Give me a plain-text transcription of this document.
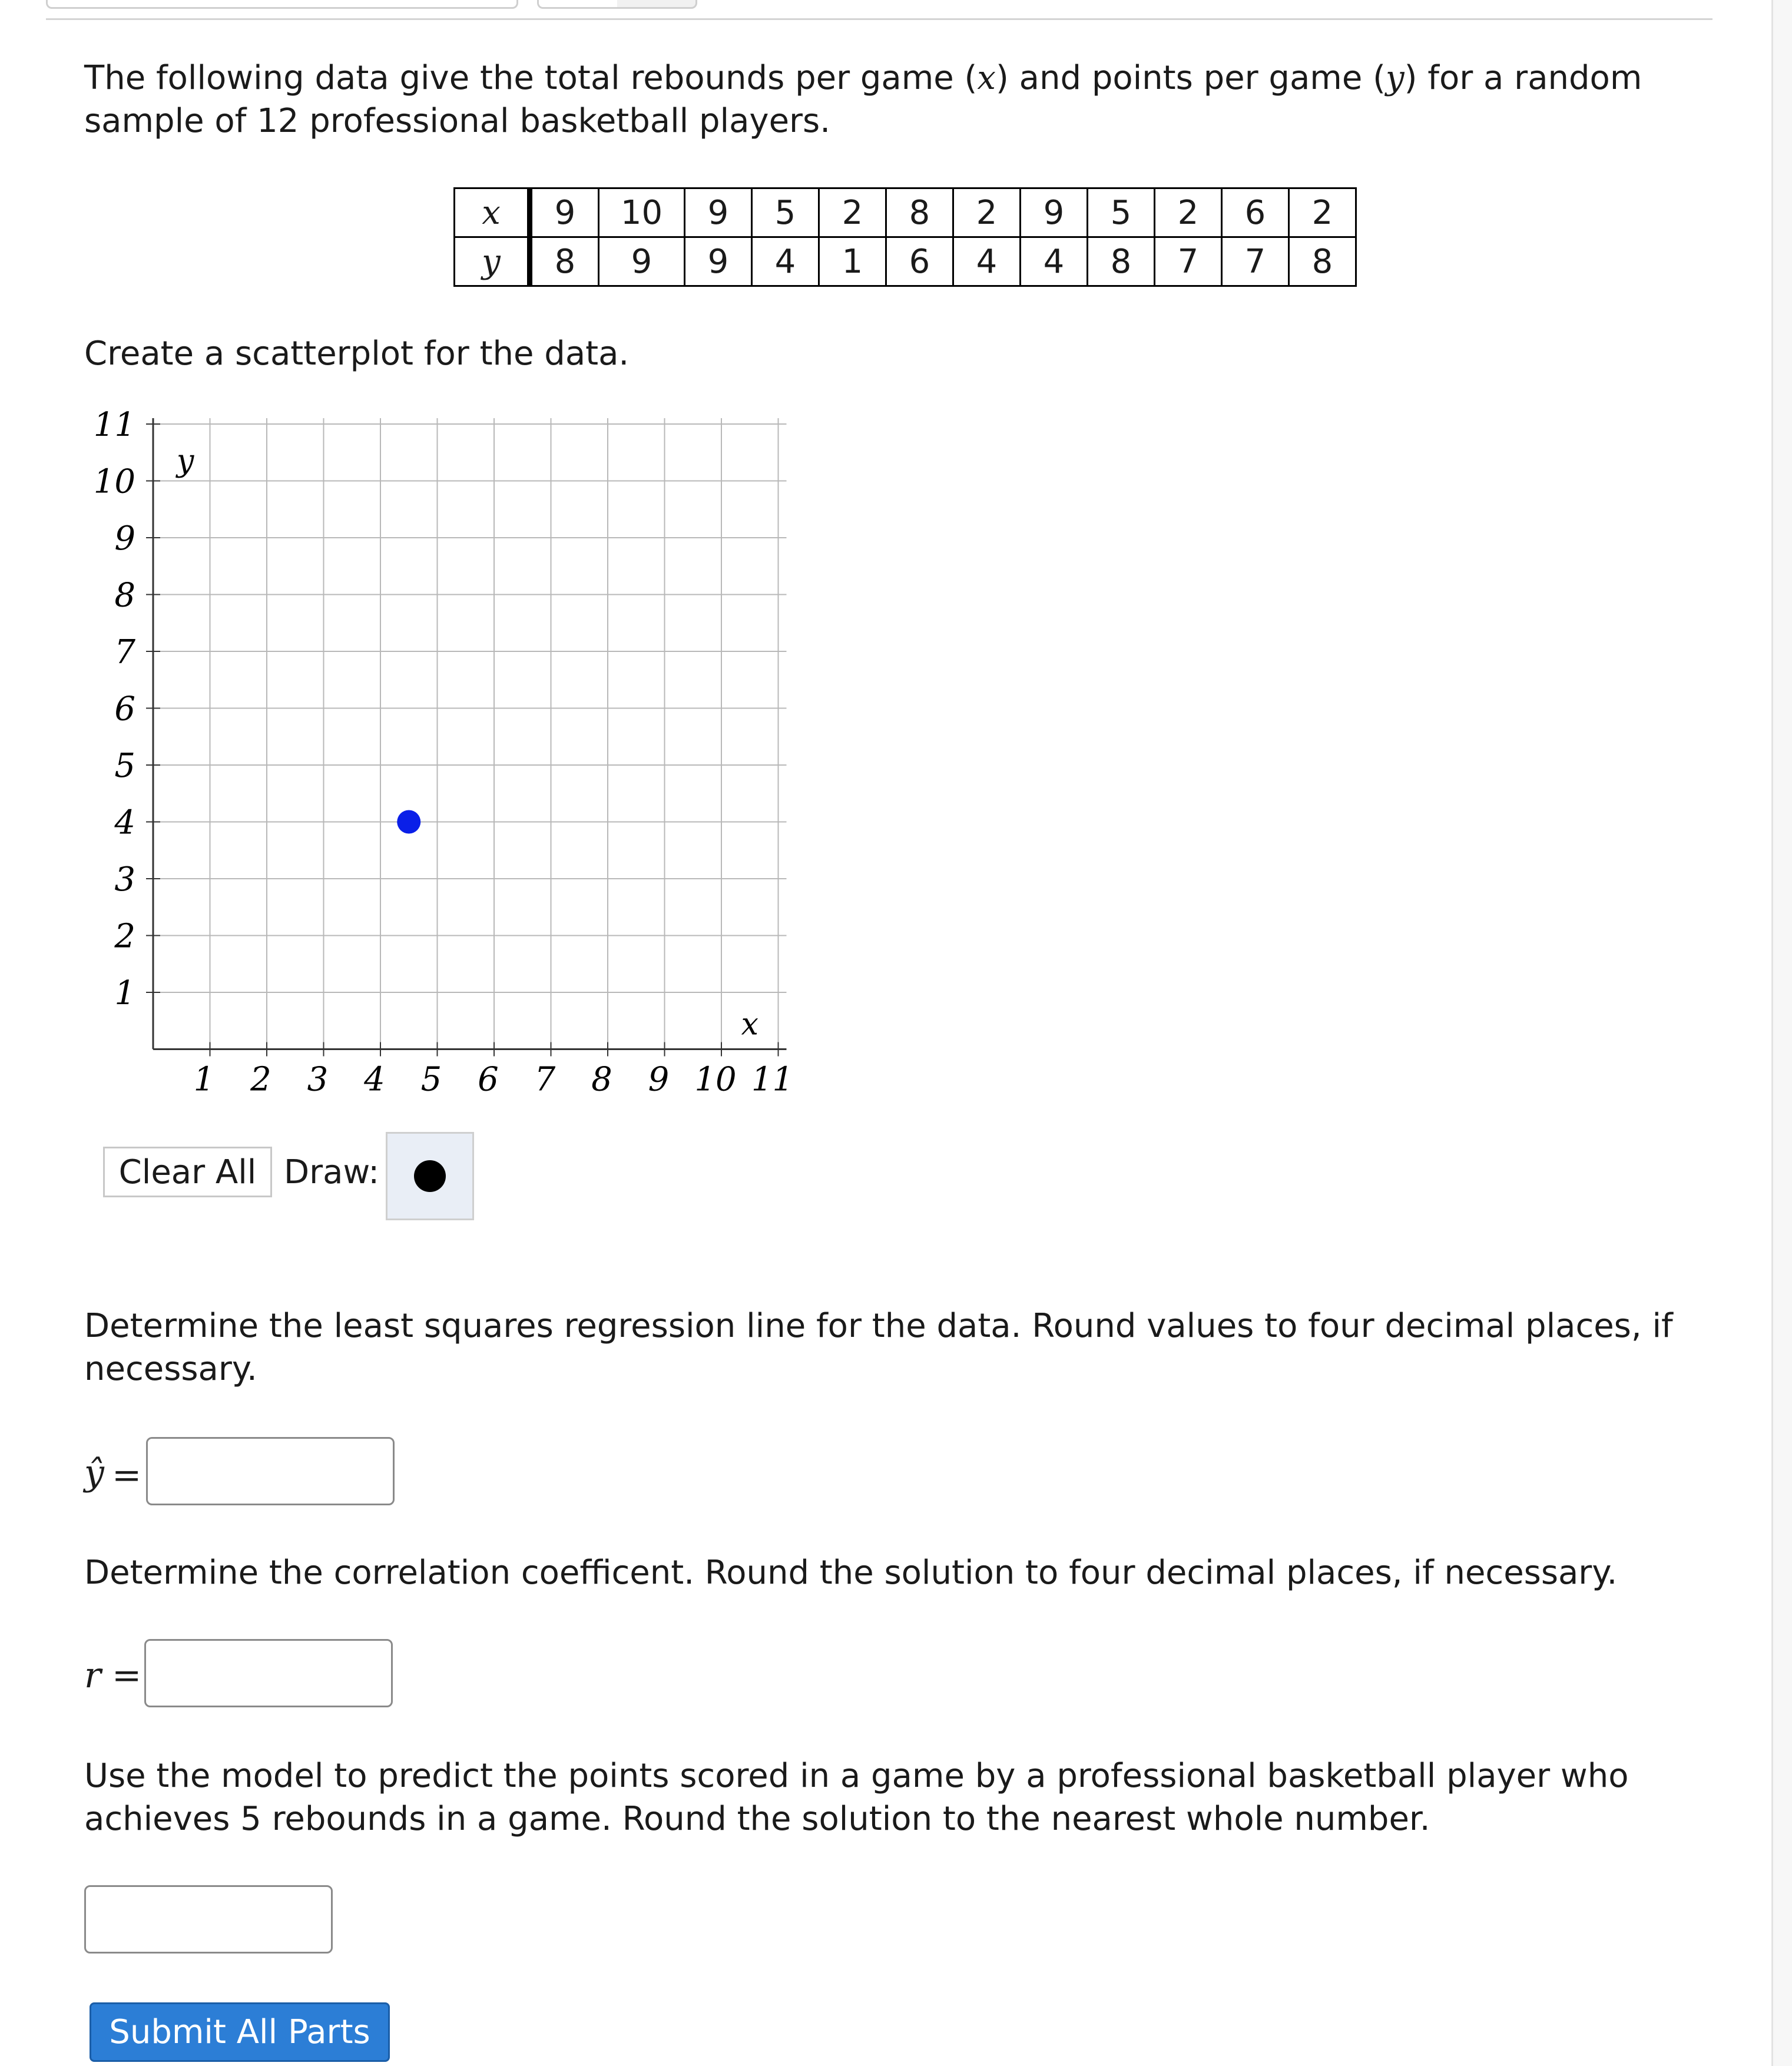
The following data give the total rebounds per game (x) and points per game (y) for a random sample of 12 professional basketball players.

x	9	10	9	5	2	8	2	9	5	2	6	2
y	8	9	9	4	1	6	4	4	8	7	7	8

Create a scatterplot for the data.

1
2
3
4
5
6
7
8
9
10
11
1 2 3 4 5 6 7 8 9 10 11
y
x
Clear All Draw:

Determine the least squares regression line for the data. Round values to four decimal places, if necessary.

ŷ =

Determine the correlation coefficent. Round the solution to four decimal places, if necessary.

r =

Use the model to predict the points scored in a game by a professional basketball player who achieves 5 rebounds in a game. Round the solution to the nearest whole number.

Submit All Parts
